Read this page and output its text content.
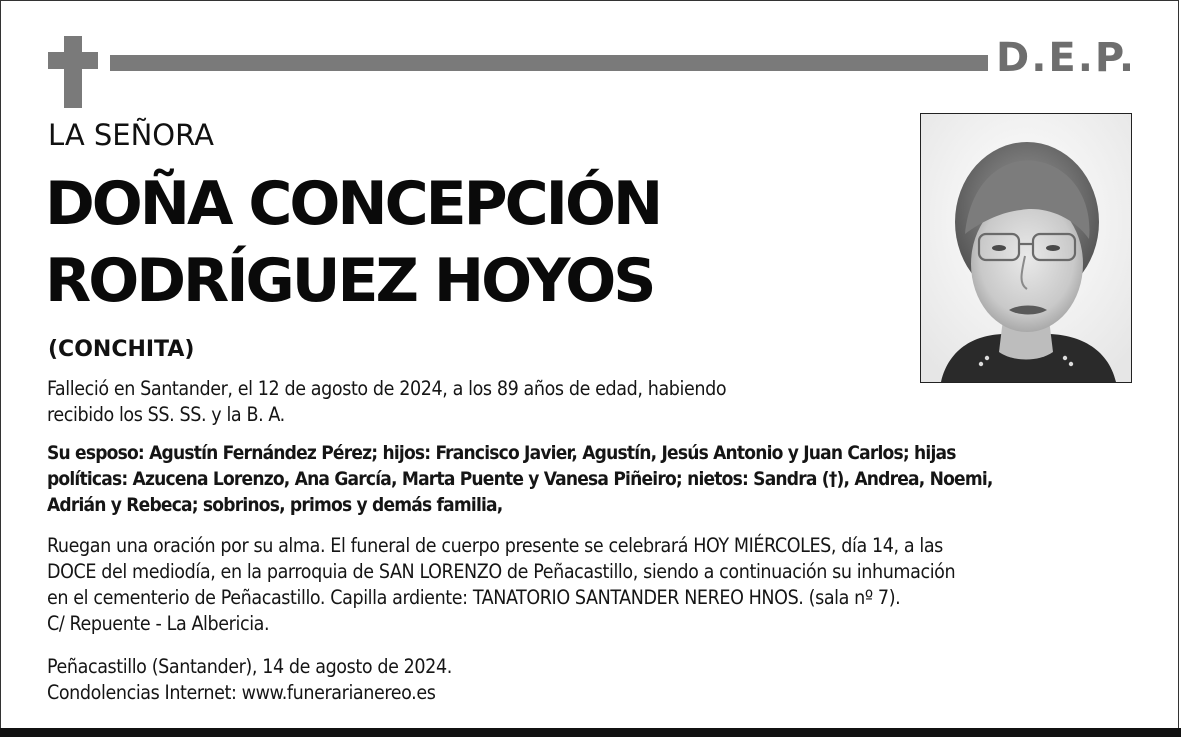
D.E.P.
LA SEÑORA
DOÑA CONCEPCIÓN
RODRÍGUEZ HOYOS
(CONCHITA)
Falleció en Santander, el 12 de agosto de 2024, a los 89 años de edad, habiendo
recibido los SS. SS. y la B. A.
Su esposo: Agustín Fernández Pérez; hijos: Francisco Javier, Agustín, Jesús Antonio y Juan Carlos; hijas
políticas: Azucena Lorenzo, Ana García, Marta Puente y Vanesa Piñeiro; nietos: Sandra (†), Andrea, Noemi,
Adrián y Rebeca; sobrinos, primos y demás familia,
Ruegan una oración por su alma. El funeral de cuerpo presente se celebrará HOY MIÉRCOLES, día 14, a las
DOCE del mediodía, en la parroquia de SAN LORENZO de Peñacastillo, siendo a continuación su inhumación
en el cementerio de Peñacastillo. Capilla ardiente: TANATORIO SANTANDER NEREO HNOS. (sala nº 7).
C/ Repuente - La Albericia.
Peñacastillo (Santander), 14 de agosto de 2024.
Condolencias Internet: www.funerarianereo.es
